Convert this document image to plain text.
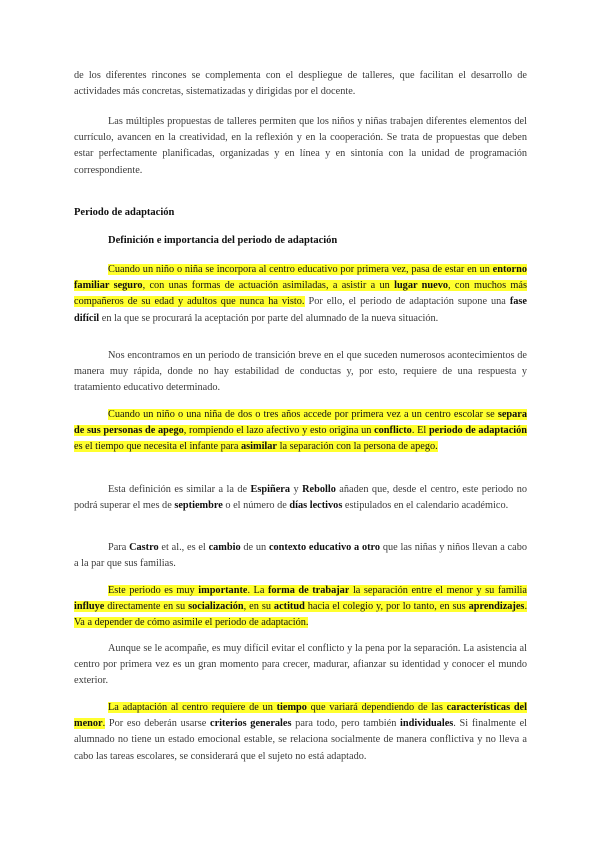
de los diferentes rincones se complementa con el despliegue de talleres, que facilitan el desarrollo de actividades más concretas, sistematizadas y dirigidas por el docente.

Las múltiples propuestas de talleres permiten que los niños y niñas trabajen diferentes elementos del currículo, avancen en la creatividad, en la reflexión y en la cooperación. Se trata de propuestas que deben estar perfectamente planificadas, organizadas y en línea y en sintonía con la unidad de programación correspondiente.

Periodo de adaptación
Definición e importancia del periodo de adaptación

Cuando un niño o niña se incorpora al centro educativo por primera vez, pasa de estar en un entorno familiar seguro, con unas formas de actuación asimiladas, a asistir a un lugar nuevo, con muchos más compañeros de su edad y adultos que nunca ha visto. Por ello, el periodo de adaptación supone una fase difícil en la que se procurará la aceptación por parte del alumnado de la nueva situación.

Nos encontramos en un periodo de transición breve en el que suceden numerosos acontecimientos de manera muy rápida, donde no hay estabilidad de conductas y, por esto, requiere de una respuesta y tratamiento educativo determinado.

Cuando un niño o una niña de dos o tres años accede por primera vez a un centro escolar se separa de sus personas de apego, rompiendo el lazo afectivo y esto origina un conflicto. El periodo de adaptación es el tiempo que necesita el infante para asimilar la separación con la persona de apego.

Esta definición es similar a la de Espiñera y Rebollo añaden que, desde el centro, este periodo no podrá superar el mes de septiembre o el número de días lectivos estipulados en el calendario académico.

Para Castro et al., es el cambio de un contexto educativo a otro que las niñas y niños llevan a cabo a la par que sus familias.

Este periodo es muy importante. La forma de trabajar la separación entre el menor y su familia influye directamente en su socialización, en su actitud hacia el colegio y, por lo tanto, en sus aprendizajes. Va a depender de cómo asimile el periodo de adaptación.

Aunque se le acompañe, es muy difícil evitar el conflicto y la pena por la separación. La asistencia al centro por primera vez es un gran momento para crecer, madurar, afianzar su identidad y conocer el mundo exterior.

La adaptación al centro requiere de un tiempo que variará dependiendo de las características del menor. Por eso deberán usarse criterios generales para todo, pero también individuales. Si finalmente el alumnado no tiene un estado emocional estable, se relaciona socialmente de manera conflictiva y no lleva a cabo las tareas escolares, se considerará que el sujeto no está adaptado.
